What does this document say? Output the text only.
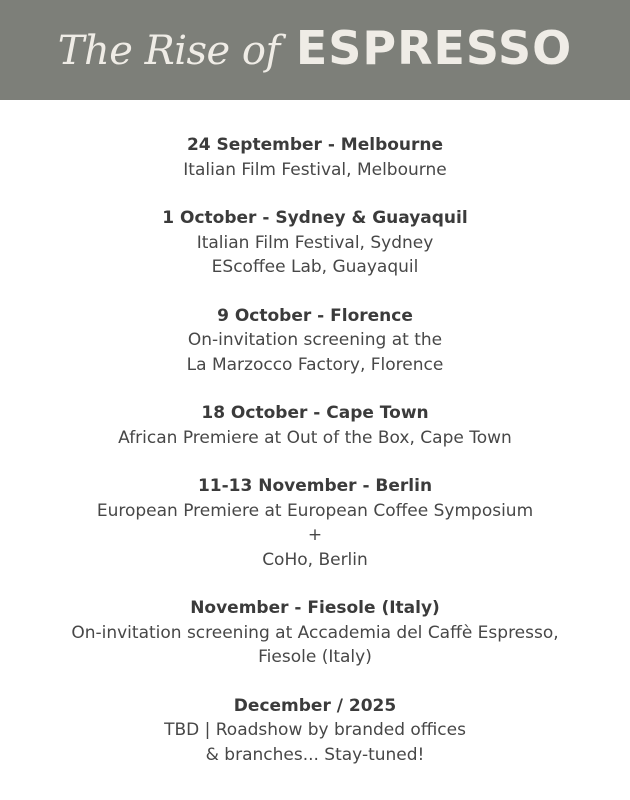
The Rise of ESPRESSO
24 September - Melbourne
Italian Film Festival, Melbourne
1 October - Sydney & Guayaquil
Italian Film Festival, Sydney
EScoffee Lab, Guayaquil
9 October - Florence
On-invitation screening at the
La Marzocco Factory, Florence
18 October - Cape Town
African Premiere at Out of the Box, Cape Town
11-13 November - Berlin
European Premiere at European Coffee Symposium
+
CoHo, Berlin
November - Fiesole (Italy)
On-invitation screening at Accademia del Caffè Espresso,
Fiesole (Italy)
December / 2025
TBD | Roadshow by branded offices
& branches... Stay-tuned!
